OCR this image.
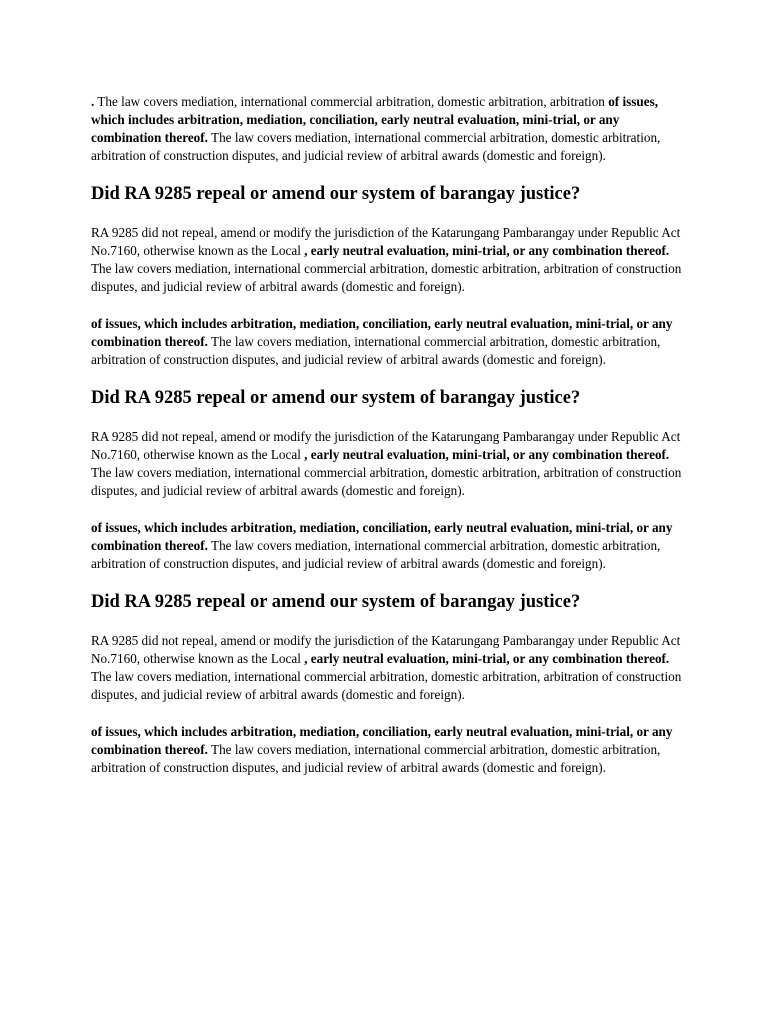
. The law covers mediation, international commercial arbitration, domestic arbitration, arbitration of issues, which includes arbitration, mediation, conciliation, early neutral evaluation, mini-trial, or any combination thereof. The law covers mediation, international commercial arbitration, domestic arbitration, arbitration of construction disputes, and judicial review of arbitral awards (domestic and foreign).

Did RA 9285 repeal or amend our system of barangay justice?

RA 9285 did not repeal, amend or modify the jurisdiction of the Katarungang Pambarangay under Republic Act No.7160, otherwise known as the Local , early neutral evaluation, mini-trial, or any combination thereof. The law covers mediation, international commercial arbitration, domestic arbitration, arbitration of construction disputes, and judicial review of arbitral awards (domestic and foreign).

of issues, which includes arbitration, mediation, conciliation, early neutral evaluation, mini-trial, or any combination thereof. The law covers mediation, international commercial arbitration, domestic arbitration, arbitration of construction disputes, and judicial review of arbitral awards (domestic and foreign).

Did RA 9285 repeal or amend our system of barangay justice?

RA 9285 did not repeal, amend or modify the jurisdiction of the Katarungang Pambarangay under Republic Act No.7160, otherwise known as the Local , early neutral evaluation, mini-trial, or any combination thereof. The law covers mediation, international commercial arbitration, domestic arbitration, arbitration of construction disputes, and judicial review of arbitral awards (domestic and foreign).

of issues, which includes arbitration, mediation, conciliation, early neutral evaluation, mini-trial, or any combination thereof. The law covers mediation, international commercial arbitration, domestic arbitration, arbitration of construction disputes, and judicial review of arbitral awards (domestic and foreign).

Did RA 9285 repeal or amend our system of barangay justice?

RA 9285 did not repeal, amend or modify the jurisdiction of the Katarungang Pambarangay under Republic Act No.7160, otherwise known as the Local , early neutral evaluation, mini-trial, or any combination thereof. The law covers mediation, international commercial arbitration, domestic arbitration, arbitration of construction disputes, and judicial review of arbitral awards (domestic and foreign).

of issues, which includes arbitration, mediation, conciliation, early neutral evaluation, mini-trial, or any combination thereof. The law covers mediation, international commercial arbitration, domestic arbitration, arbitration of construction disputes, and judicial review of arbitral awards (domestic and foreign).
